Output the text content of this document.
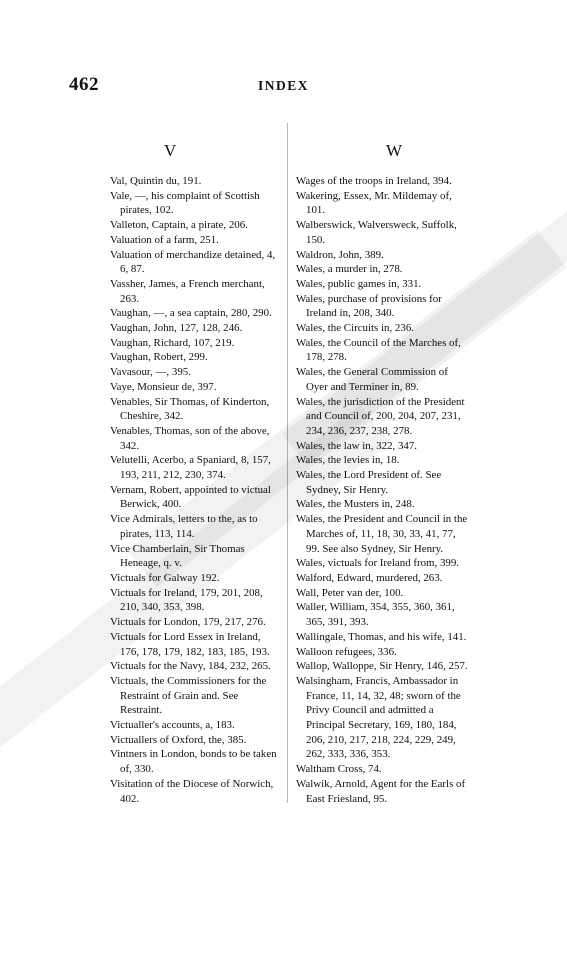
462	INDEX
V	W

Val, Quintin du, 191.

Vale, —, his complaint of Scottish pirates, 102.

Valleton, Captain, a pirate, 206.

Valuation of a farm, 251.

Valuation of merchandize detained, 4, 6, 87.

Vassher, James, a French merchant, 263.

Vaughan, —, a sea captain, 280, 290.

Vaughan, John, 127, 128, 246.

Vaughan, Richard, 107, 219.

Vaughan, Robert, 299.

Vavasour, —, 395.

Vaye, Monsieur de, 397.

Venables, Sir Thomas, of Kinderton, Cheshire, 342.

Venables, Thomas, son of the above, 342.

Velutelli, Acerbo, a Spaniard, 8, 157, 193, 211, 212, 230, 374.

Vernam, Robert, appointed to victual Berwick, 400.

Vice Admirals, letters to the, as to pirates, 113, 114.

Vice Chamberlain, Sir Thomas Heneage, q. v.

Victuals for Galway 192.

Victuals for Ireland, 179, 201, 208, 210, 340, 353, 398.

Victuals for London, 179, 217, 276.

Victuals for Lord Essex in Ireland, 176, 178, 179, 182, 183, 185, 193.

Victuals for the Navy, 184, 232, 265.

Victuals, the Commissioners for the Restraint of Grain and. See Restraint.

Victualler's accounts, a, 183.

Victuallers of Oxford, the, 385.

Vintners in London, bonds to be taken of, 330.

Visitation of the Diocese of Norwich, 402.

Wages of the troops in Ireland, 394.

Wakering, Essex, Mr. Mildemay of, 101.

Walberswick, Walversweck, Suffolk, 150.

Waldron, John, 389.

Wales, a murder in, 278.

Wales, public games in, 331.

Wales, purchase of provisions for Ireland in, 208, 340.

Wales, the Circuits in, 236.

Wales, the Council of the Marches of, 178, 278.

Wales, the General Commission of Oyer and Terminer in, 89.

Wales, the jurisdiction of the President and Council of, 200, 204, 207, 231, 234, 236, 237, 238, 278.

Wales, the law in, 322, 347.

Wales, the levies in, 18.

Wales, the Lord President of. See Sydney, Sir Henry.

Wales, the Musters in, 248.

Wales, the President and Council in the Marches of, 11, 18, 30, 33, 41, 77, 99. See also Sydney, Sir Henry.

Wales, victuals for Ireland from, 399.

Walford, Edward, murdered, 263.

Wall, Peter van der, 100.

Waller, William, 354, 355, 360, 361, 365, 391, 393.

Wallingale, Thomas, and his wife, 141.

Walloon refugees, 336.

Wallop, Walloppe, Sir Henry, 146, 257.

Walsingham, Francis, Ambassador in France, 11, 14, 32, 48; sworn of the Privy Council and admitted a Principal Secretary, 169, 180, 184, 206, 210, 217, 218, 224, 229, 249, 262, 333, 336, 353.

Waltham Cross, 74.

Walwik, Arnold, Agent for the Earls of East Friesland, 95.
